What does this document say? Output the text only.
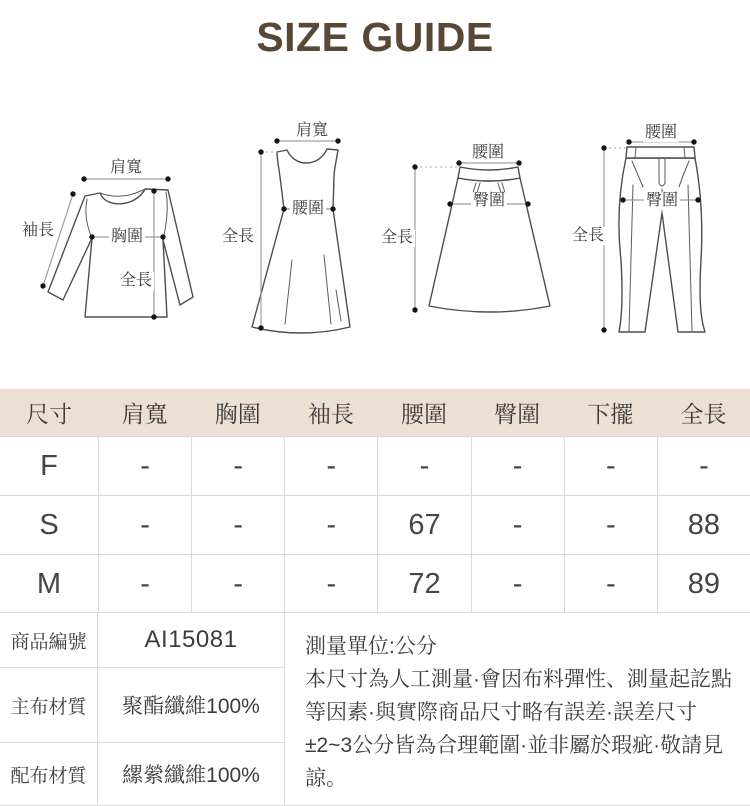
SIZE GUIDE
肩寬
袖長	胸圍
全長
肩寬
腰圍
全長
腰圍
臀圍
全長
腰圍
臀圍
全長
尺寸	肩寬	胸圍	袖長	腰圍	臀圍	下擺	全長
F	-	-	-	-	-	-	-
S	-	-	-	67	-	-	88
M	-	-	-	72	-	-	89
商品編號	AI15081
主布材質	聚酯纖維100%
配布材質	縲縈纖維100%
測量單位:公分
本尺寸為人工測量·會因布料彈性、測量起訖點等因素·與實際商品尺寸略有誤差·誤差尺寸±2~3公分皆為合理範圍·並非屬於瑕疵·敬請見諒。
